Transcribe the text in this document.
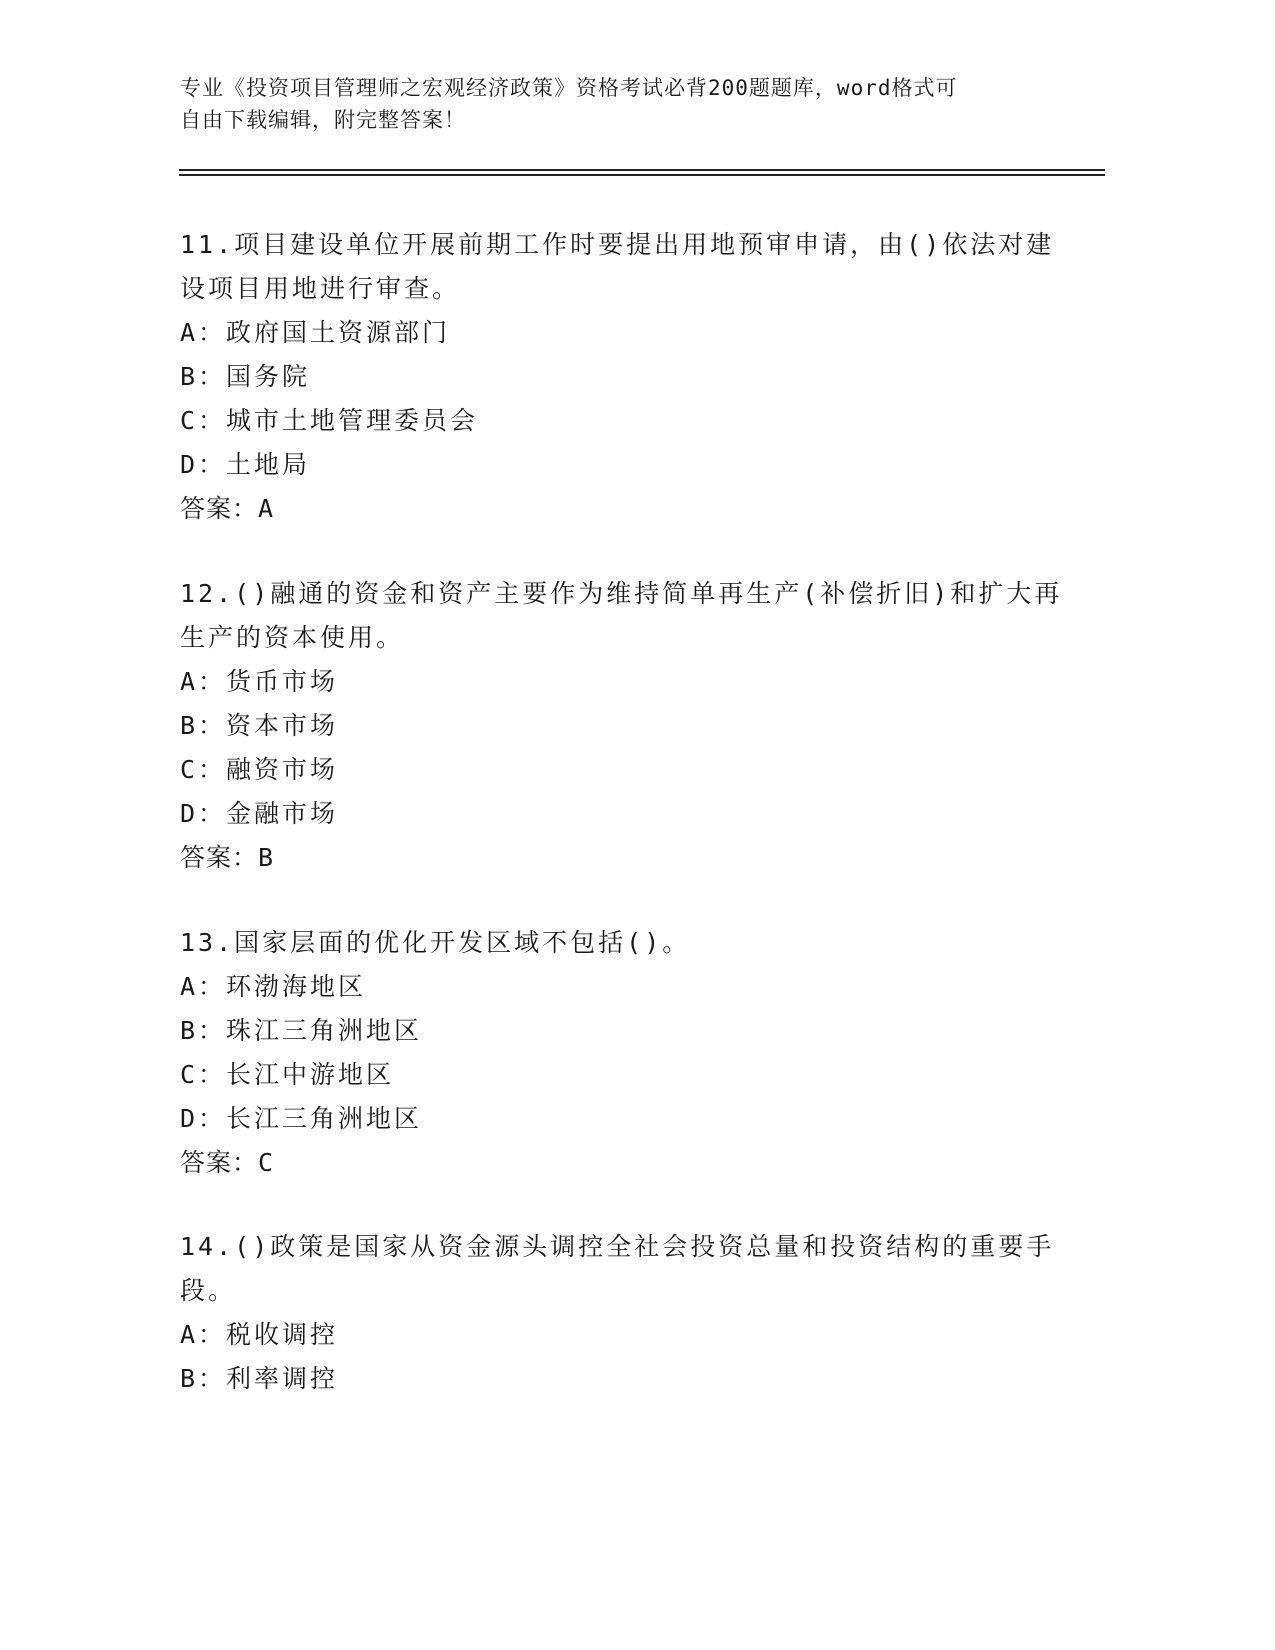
专业《投资项目管理师之宏观经济政策》资格考试必背200题题库，word格式可
自由下载编辑，附完整答案！
11.项目建设单位开展前期工作时要提出用地预审申请，由()依法对建
设项目用地进行审查。
A：政府国土资源部门
B：国务院
C：城市土地管理委员会
D：土地局
答案：A
12.()融通的资金和资产主要作为维持简单再生产(补偿折旧)和扩大再
生产的资本使用。
A：货币市场
B：资本市场
C：融资市场
D：金融市场
答案：B
13.国家层面的优化开发区域不包括()。
A：环渤海地区
B：珠江三角洲地区
C：长江中游地区
D：长江三角洲地区
答案：C
14.()政策是国家从资金源头调控全社会投资总量和投资结构的重要手
段。
A：税收调控
B：利率调控
